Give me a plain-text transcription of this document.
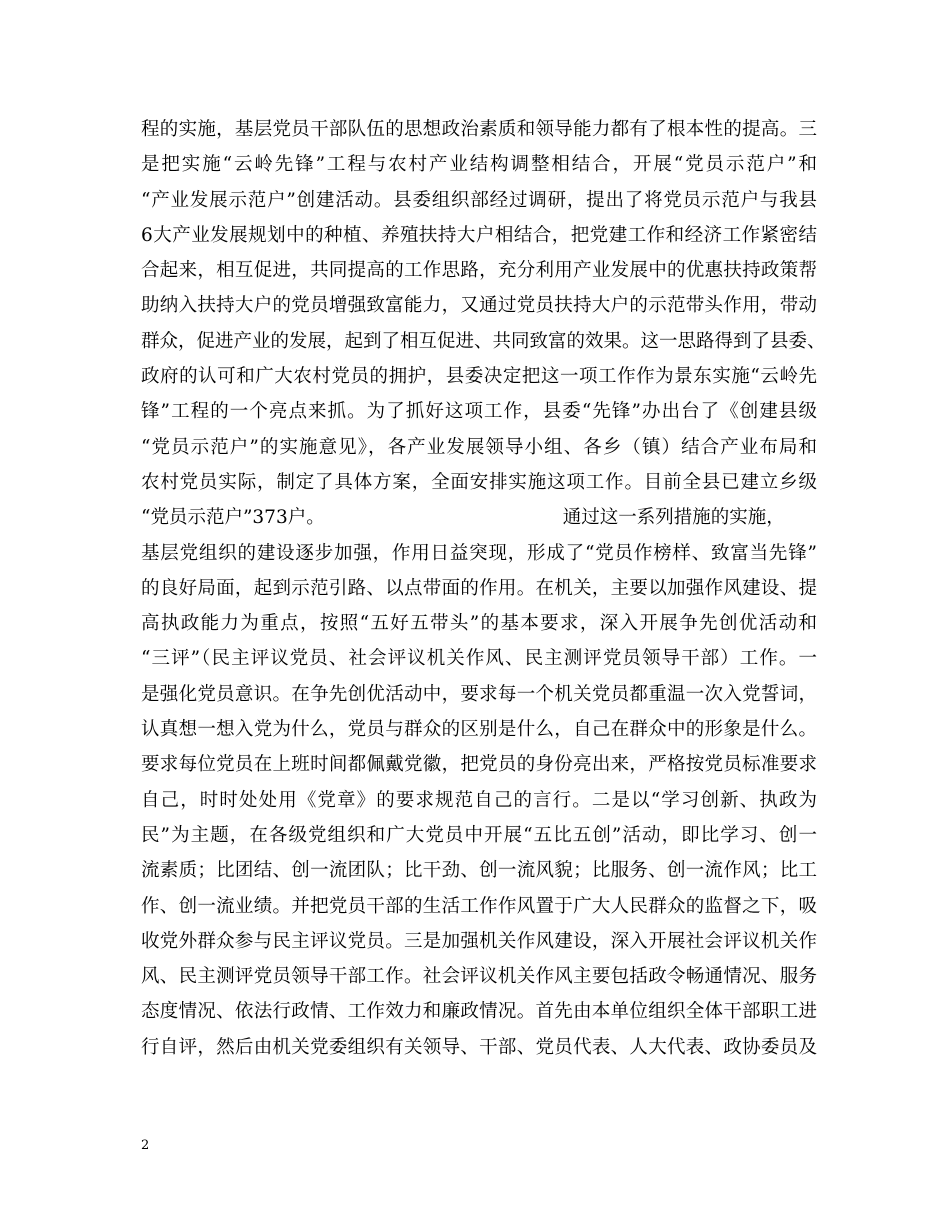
程的实施，基层党员干部队伍的思想政治素质和领导能力都有了根本性的提高。三
是把实施“云岭先锋”工程与农村产业结构调整相结合，开展“党员示范户”和
“产业发展示范户”创建活动。县委组织部经过调研，提出了将党员示范户与我县
6大产业发展规划中的种植、养殖扶持大户相结合，把党建工作和经济工作紧密结
合起来，相互促进，共同提高的工作思路，充分利用产业发展中的优惠扶持政策帮
助纳入扶持大户的党员增强致富能力，又通过党员扶持大户的示范带头作用，带动
群众，促进产业的发展，起到了相互促进、共同致富的效果。这一思路得到了县委、
政府的认可和广大农村党员的拥护，县委决定把这一项工作作为景东实施“云岭先
锋”工程的一个亮点来抓。为了抓好这项工作，县委“先锋”办出台了《创建县级
“党员示范户”的实施意见》，各产业发展领导小组、各乡（镇）结合产业布局和
农村党员实际，制定了具体方案，全面安排实施这项工作。目前全县已建立乡级
“党员示范户”373户。	通过这一系列措施的实施，
基层党组织的建设逐步加强，作用日益突现，形成了“党员作榜样、致富当先锋”
的良好局面，起到示范引路、以点带面的作用。在机关，主要以加强作风建设、提
高执政能力为重点，按照“五好五带头”的基本要求，深入开展争先创优活动和
“三评”（民主评议党员、社会评议机关作风、民主测评党员领导干部）工作。一
是强化党员意识。在争先创优活动中，要求每一个机关党员都重温一次入党誓词，
认真想一想入党为什么，党员与群众的区别是什么，自己在群众中的形象是什么。
要求每位党员在上班时间都佩戴党徽，把党员的身份亮出来，严格按党员标准要求
自己，时时处处用《党章》的要求规范自己的言行。二是以“学习创新、执政为
民”为主题，在各级党组织和广大党员中开展“五比五创”活动，即比学习、创一
流素质；比团结、创一流团队；比干劲、创一流风貌；比服务、创一流作风；比工
作、创一流业绩。并把党员干部的生活工作作风置于广大人民群众的监督之下，吸
收党外群众参与民主评议党员。三是加强机关作风建设，深入开展社会评议机关作
风、民主测评党员领导干部工作。社会评议机关作风主要包括政令畅通情况、服务
态度情况、依法行政情、工作效力和廉政情况。首先由本单位组织全体干部职工进
行自评，然后由机关党委组织有关领导、干部、党员代表、人大代表、政协委员及
2
